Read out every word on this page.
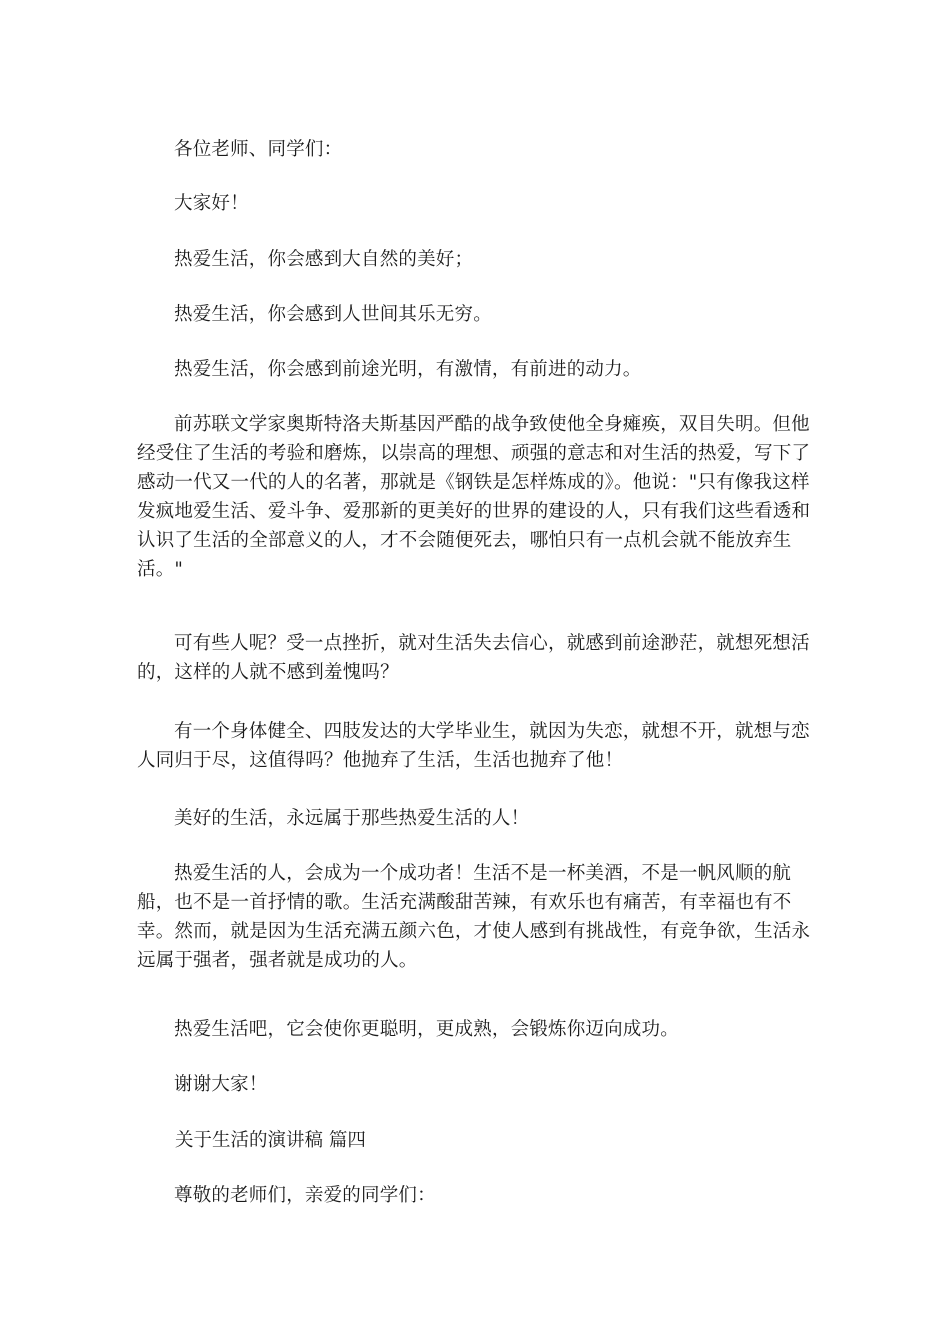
各位老师、同学们：

大家好！

热爱生活，你会感到大自然的美好；

热爱生活，你会感到人世间其乐无穷。

热爱生活，你会感到前途光明，有激情，有前进的动力。

前苏联文学家奥斯特洛夫斯基因严酷的战争致使他全身瘫痪，双目失明。但他经受住了生活的考验和磨炼，以崇高的理想、顽强的意志和对生活的热爱，写下了感动一代又一代的人的名著，那就是《钢铁是怎样炼成的》。他说："只有像我这样发疯地爱生活、爱斗争、爱那新的更美好的世界的建设的人，只有我们这些看透和认识了生活的全部意义的人，才不会随便死去，哪怕只有一点机会就不能放弃生活。"

可有些人呢？受一点挫折，就对生活失去信心，就感到前途渺茫，就想死想活的，这样的人就不感到羞愧吗？

有一个身体健全、四肢发达的大学毕业生，就因为失恋，就想不开，就想与恋人同归于尽，这值得吗？他抛弃了生活，生活也抛弃了他！

美好的生活，永远属于那些热爱生活的人！

热爱生活的人，会成为一个成功者！生活不是一杯美酒，不是一帆风顺的航船，也不是一首抒情的歌。生活充满酸甜苦辣，有欢乐也有痛苦，有幸福也有不幸。然而，就是因为生活充满五颜六色，才使人感到有挑战性，有竞争欲，生活永远属于强者，强者就是成功的人。

热爱生活吧，它会使你更聪明，更成熟，会锻炼你迈向成功。

谢谢大家！

关于生活的演讲稿 篇四

尊敬的老师们，亲爱的同学们：
